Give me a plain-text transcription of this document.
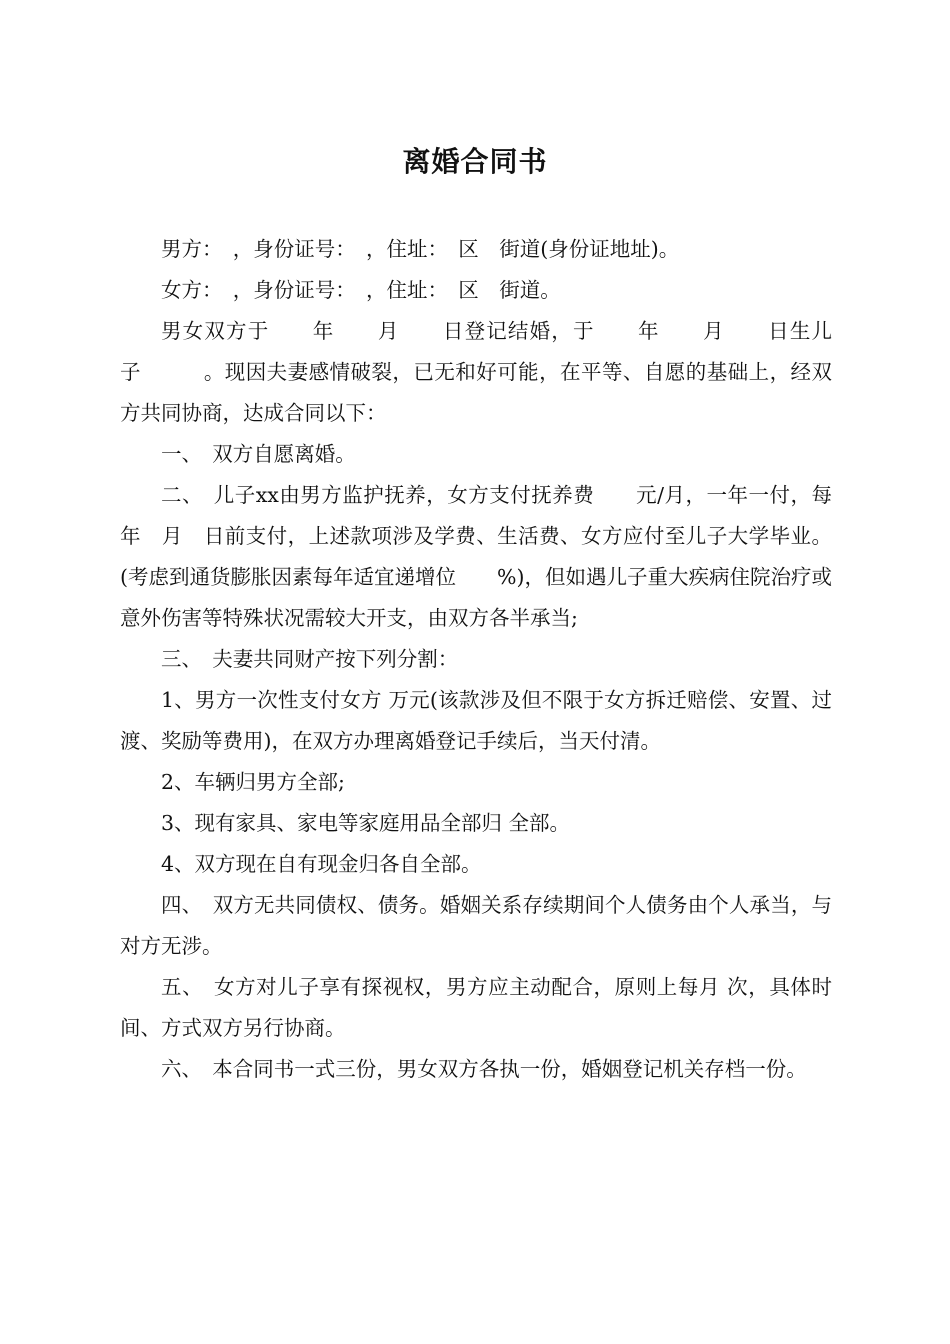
离婚合同书

男方：　，身份证号：　，住址：　区　街道(身份证地址)。

女方：　，身份证号：　，住址：　区　街道。

男女双方于　　年　　月　　日登记结婚，于　　年　　月　　日生儿子　　　。现因夫妻感情破裂，已无和好可能，在平等、自愿的基础上，经双方共同协商，达成合同以下：

一、　双方自愿离婚。

二、　儿子xx由男方监护抚养，女方支付抚养费　　元/月，一年一付，每年　月　日前支付，上述款项涉及学费、生活费、女方应付至儿子大学毕业。(考虑到通货膨胀因素每年适宜递增位　　%)，但如遇儿子重大疾病住院治疗或意外伤害等特殊状况需较大开支，由双方各半承当;

三、　夫妻共同财产按下列分割：

1、男方一次性支付女方 万元(该款涉及但不限于女方拆迁赔偿、安置、过渡、奖励等费用)，在双方办理离婚登记手续后，当天付清。

2、车辆归男方全部;

3、现有家具、家电等家庭用品全部归 全部。

4、双方现在自有现金归各自全部。

四、　双方无共同债权、债务。婚姻关系存续期间个人债务由个人承当，与对方无涉。

五、　女方对儿子享有探视权，男方应主动配合，原则上每月 次，具体时间、方式双方另行协商。

六、　本合同书一式三份，男女双方各执一份，婚姻登记机关存档一份。
